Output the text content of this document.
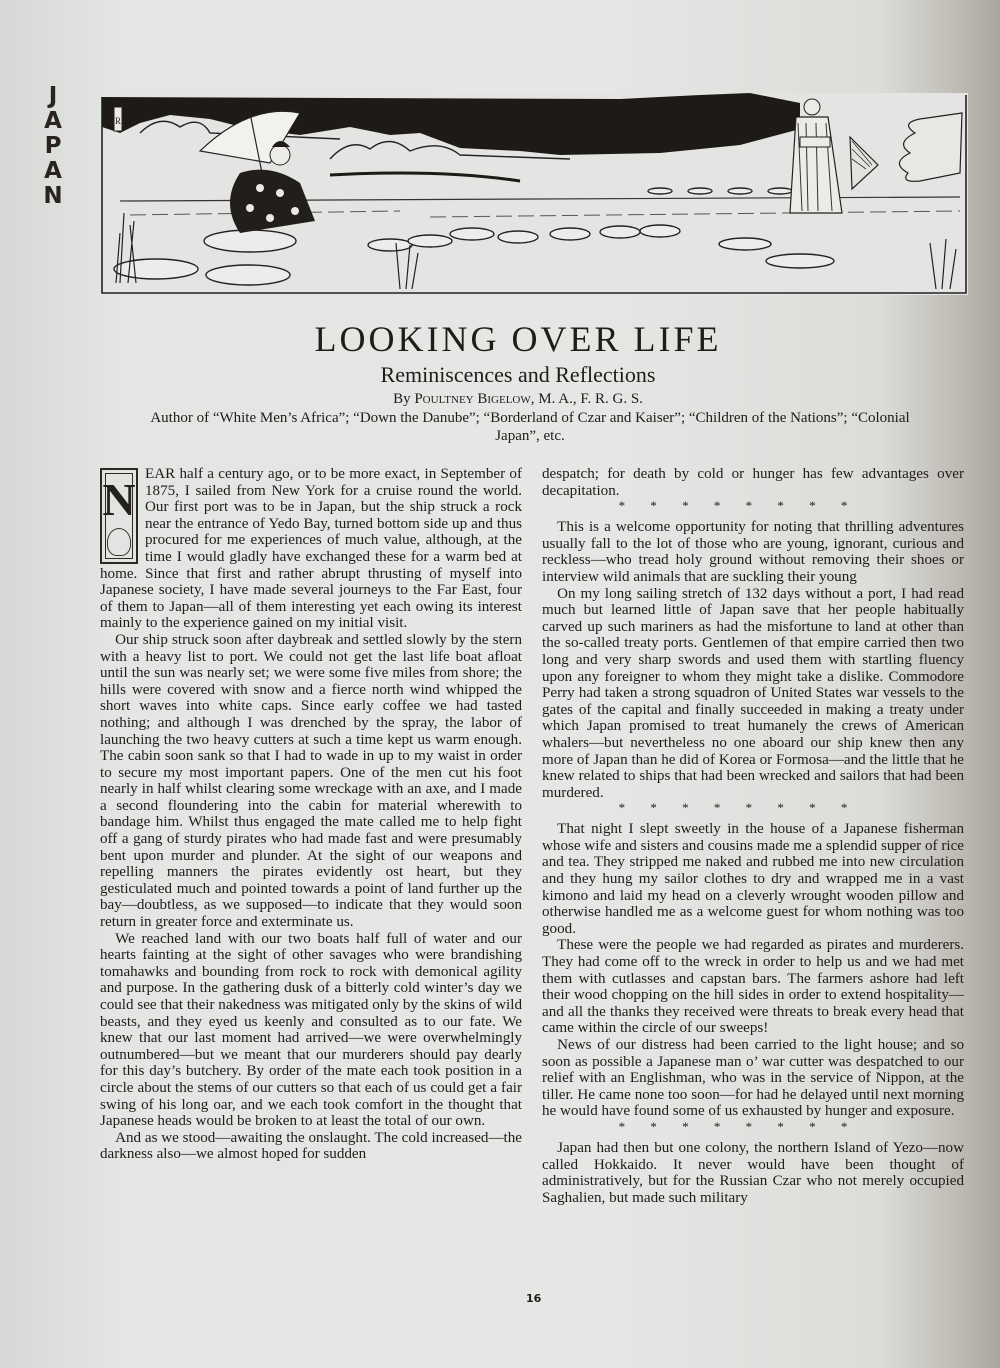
J
A
P
A
N
R
LOOKING OVER LIFE
Reminiscences and Reflections
By Poultney Bigelow, M. A., F. R. G. S.
Author of “White Men’s Africa”; “Down the Danube”; “Borderland of Czar and Kaiser”; “Children of the Nations”; “Colonial Japan”, etc.
N EAR half a century ago, or to be more exact, in September of 1875, I sailed from New York for a cruise round the world. Our first port was to be in Japan, but the ship struck a rock near the entrance of Yedo Bay, turned bottom side up and thus procured for me experiences of much value, although, at the time I would gladly have exchanged these for a warm bed at home. Since that first and rather abrupt thrusting of myself into Japanese society, I have made several journeys to the Far East, four of them to Japan—all of them interesting yet each owing its interest mainly to the experience gained on my initial visit.

Our ship struck soon after daybreak and settled slowly by the stern with a heavy list to port. We could not get the last life boat afloat until the sun was nearly set; we were some five miles from shore; the hills were covered with snow and a fierce north wind whipped the short waves into white caps. Since early coffee we had tasted nothing; and although I was drenched by the spray, the labor of launching the two heavy cutters at such a time kept us warm enough. The cabin soon sank so that I had to wade in up to my waist in order to secure my most important papers. One of the men cut his foot nearly in half whilst clearing some wreckage with an axe, and I made a second floundering into the cabin for material wherewith to bandage him. Whilst thus engaged the mate called me to help fight off a gang of sturdy pirates who had made fast and were presumably bent upon murder and plunder. At the sight of our weapons and repelling manners the pirates evidently ost heart, but they gesticulated much and pointed towards a point of land further up the bay—doubtless, as we supposed—to indicate that they would soon return in greater force and exterminate us.

We reached land with our two boats half full of water and our hearts fainting at the sight of other savages who were brandishing tomahawks and bounding from rock to rock with demonical agility and purpose. In the gathering dusk of a bitterly cold winter’s day we could see that their nakedness was mitigated only by the skins of wild beasts, and they eyed us keenly and consulted as to our fate. We knew that our last moment had arrived—we were overwhelmingly outnumbered—but we meant that our murderers should pay dearly for this day’s butchery. By order of the mate each took position in a circle about the stems of our cutters so that each of us could get a fair swing of his long oar, and we each took comfort in the thought that Japanese heads would be broken to at least the total of our own.

And as we stood—awaiting the onslaught. The cold increased—the darkness also—we almost hoped for sudden

despatch; for death by cold or hunger has few advantages over decapitation.

* * * * * * * *

This is a welcome opportunity for noting that thrilling adventures usually fall to the lot of those who are young, ignorant, curious and reckless—who tread holy ground without removing their shoes or interview wild animals that are suckling their young

On my long sailing stretch of 132 days without a port, I had read much but learned little of Japan save that her people habitually carved up such mariners as had the misfortune to land at other than the so-called treaty ports. Gentlemen of that empire carried then two long and very sharp swords and used them with startling fluency upon any foreigner to whom they might take a dislike. Commodore Perry had taken a strong squadron of United States war vessels to the gates of the capital and finally succeeded in making a treaty under which Japan promised to treat humanely the crews of American whalers—but nevertheless no one aboard our ship knew then any more of Japan than he did of Korea or Formosa—and the little that he knew related to ships that had been wrecked and sailors that had been murdered.

* * * * * * * *

That night I slept sweetly in the house of a Japanese fisherman whose wife and sisters and cousins made me a splendid supper of rice and tea. They stripped me naked and rubbed me into new circulation and they hung my sailor clothes to dry and wrapped me in a vast kimono and laid my head on a cleverly wrought wooden pillow and otherwise handled me as a welcome guest for whom nothing was too good.

These were the people we had regarded as pirates and murderers. They had come off to the wreck in order to help us and we had met them with cutlasses and capstan bars. The farmers ashore had left their wood chopping on the hill sides in order to extend hospitality—and all the thanks they received were threats to break every head that came within the circle of our sweeps!

News of our distress had been carried to the light house; and so soon as possible a Japanese man o’ war cutter was despatched to our relief with an Englishman, who was in the service of Nippon, at the tiller. He came none too soon—for had he delayed until next morning he would have found some of us exhausted by hunger and exposure.

* * * * * * * *

Japan had then but one colony, the northern Island of Yezo—now called Hokkaido. It never would have been thought of administratively, but for the Russian Czar who not merely occupied Saghalien, but made such military

16
